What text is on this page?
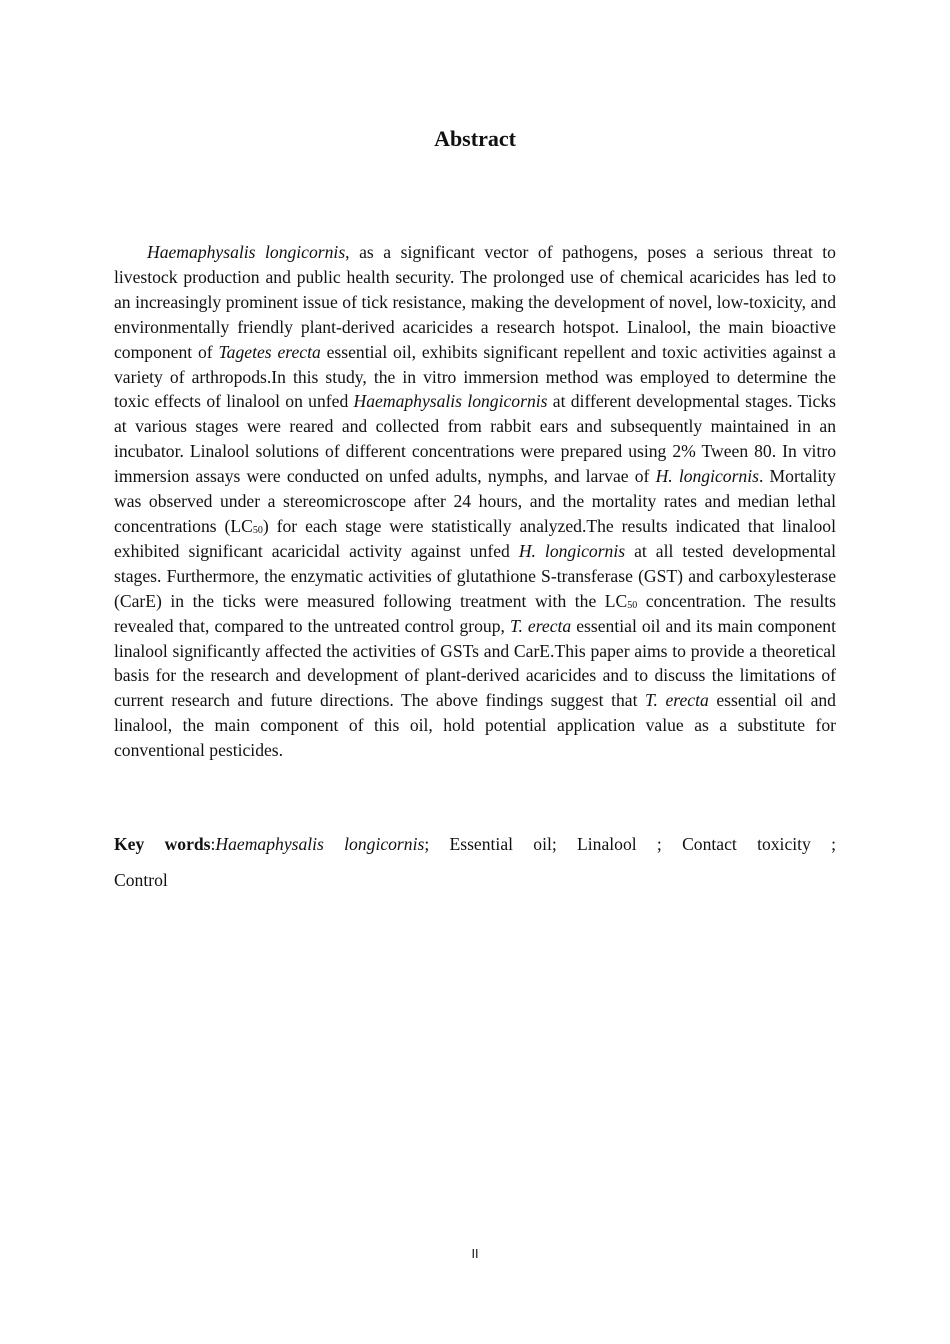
Abstract

Haemaphysalis longicornis, as a significant vector of pathogens, poses a serious threat to livestock production and public health security. The prolonged use of chemical acaricides has led to an increasingly prominent issue of tick resistance, making the development of novel, low-toxicity, and environmentally friendly plant-derived acaricides a research hotspot. Linalool, the main bioactive component of Tagetes erecta essential oil, exhibits significant repellent and toxic activities against a variety of arthropods.In this study, the in vitro immersion method was employed to determine the toxic effects of linalool on unfed Haemaphysalis longicornis at different developmental stages. Ticks at various stages were reared and collected from rabbit ears and subsequently maintained in an incubator. Linalool solutions of different concentrations were prepared using 2% Tween 80. In vitro immersion assays were conducted on unfed adults, nymphs, and larvae of H. longicornis. Mortality was observed under a stereomicroscope after 24 hours, and the mortality rates and median lethal concentrations $(LC_{50})$ for each stage were statistically analyzed.The results indicated that linalool exhibited significant acaricidal activity against unfed H. longicornis at all tested developmental stages. Furthermore, the enzymatic activities of glutathione S-transferase (GST) and carboxylesterase (CarE) in the ticks were measured following treatment with the $LC_{50}$ concentration. The results revealed that, compared to the untreated control group, T. erecta essential oil and its main component linalool significantly affected the activities of GSTs and CarE.This paper aims to provide a theoretical basis for the research and development of plant-derived acaricides and to discuss the limitations of current research and future directions. The above findings suggest that T. erecta essential oil and linalool, the main component of this oil, hold potential application value as a substitute for conventional pesticides.

Key words:Haemaphysalis longicornis; Essential oil; Linalool ; Contact toxicity ; Control

II
